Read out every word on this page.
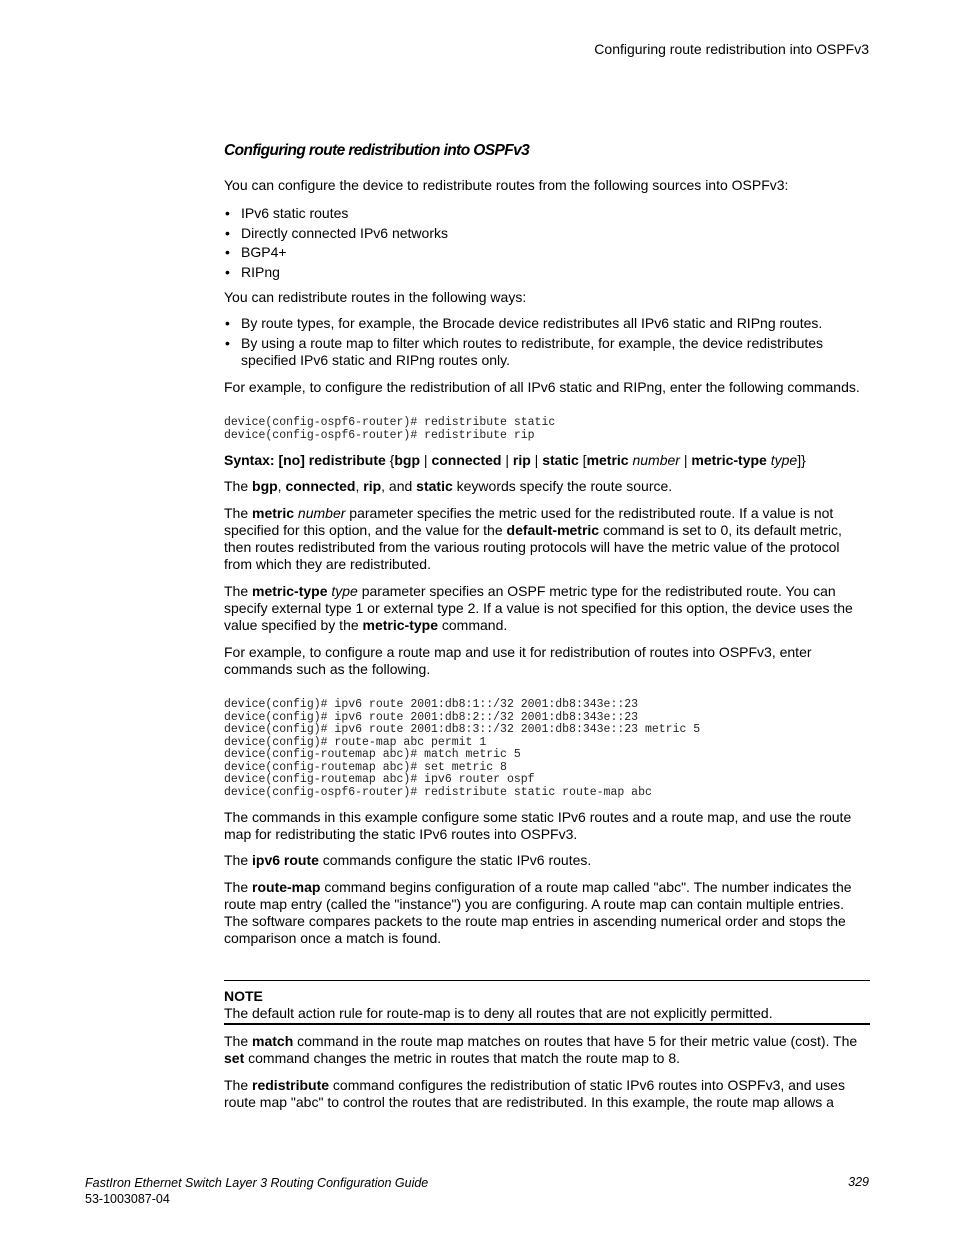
Configuring route redistribution into OSPFv3
Configuring route redistribution into OSPFv3
You can configure the device to redistribute routes from the following sources into OSPFv3:
• IPv6 static routes
• Directly connected IPv6 networks
• BGP4+
• RIPng
You can redistribute routes in the following ways:
• By route types, for example, the Brocade device redistributes all IPv6 static and RIPng routes.
• By using a route map to filter which routes to redistribute, for example, the device redistributes specified IPv6 static and RIPng routes only.
For example, to configure the redistribution of all IPv6 static and RIPng, enter the following commands.
device(config-ospf6-router)# redistribute static
device(config-ospf6-router)# redistribute rip
Syntax: [no] redistribute {bgp | connected | rip | static [metric number | metric-type type]}
The bgp, connected, rip, and static keywords specify the route source.
The metric number parameter specifies the metric used for the redistributed route. If a value is not specified for this option, and the value for the default-metric command is set to 0, its default metric, then routes redistributed from the various routing protocols will have the metric value of the protocol from which they are redistributed.
The metric-type type parameter specifies an OSPF metric type for the redistributed route. You can specify external type 1 or external type 2. If a value is not specified for this option, the device uses the value specified by the metric-type command.
For example, to configure a route map and use it for redistribution of routes into OSPFv3, enter commands such as the following.
device(config)# ipv6 route 2001:db8:1::/32 2001:db8:343e::23
device(config)# ipv6 route 2001:db8:2::/32 2001:db8:343e::23
device(config)# ipv6 route 2001:db8:3::/32 2001:db8:343e::23 metric 5
device(config)# route-map abc permit 1
device(config-routemap abc)# match metric 5
device(config-routemap abc)# set metric 8
device(config-routemap abc)# ipv6 router ospf
device(config-ospf6-router)# redistribute static route-map abc
The commands in this example configure some static IPv6 routes and a route map, and use the route map for redistributing the static IPv6 routes into OSPFv3.
The ipv6 route commands configure the static IPv6 routes.
The route-map command begins configuration of a route map called "abc". The number indicates the route map entry (called the "instance") you are configuring. A route map can contain multiple entries. The software compares packets to the route map entries in ascending numerical order and stops the comparison once a match is found.
NOTE
The default action rule for route-map is to deny all routes that are not explicitly permitted.
The match command in the route map matches on routes that have 5 for their metric value (cost). The set command changes the metric in routes that match the route map to 8.
The redistribute command configures the redistribution of static IPv6 routes into OSPFv3, and uses route map "abc" to control the routes that are redistributed. In this example, the route map allows a
FastIron Ethernet Switch Layer 3 Routing Configuration Guide
53-1003087-04
329
